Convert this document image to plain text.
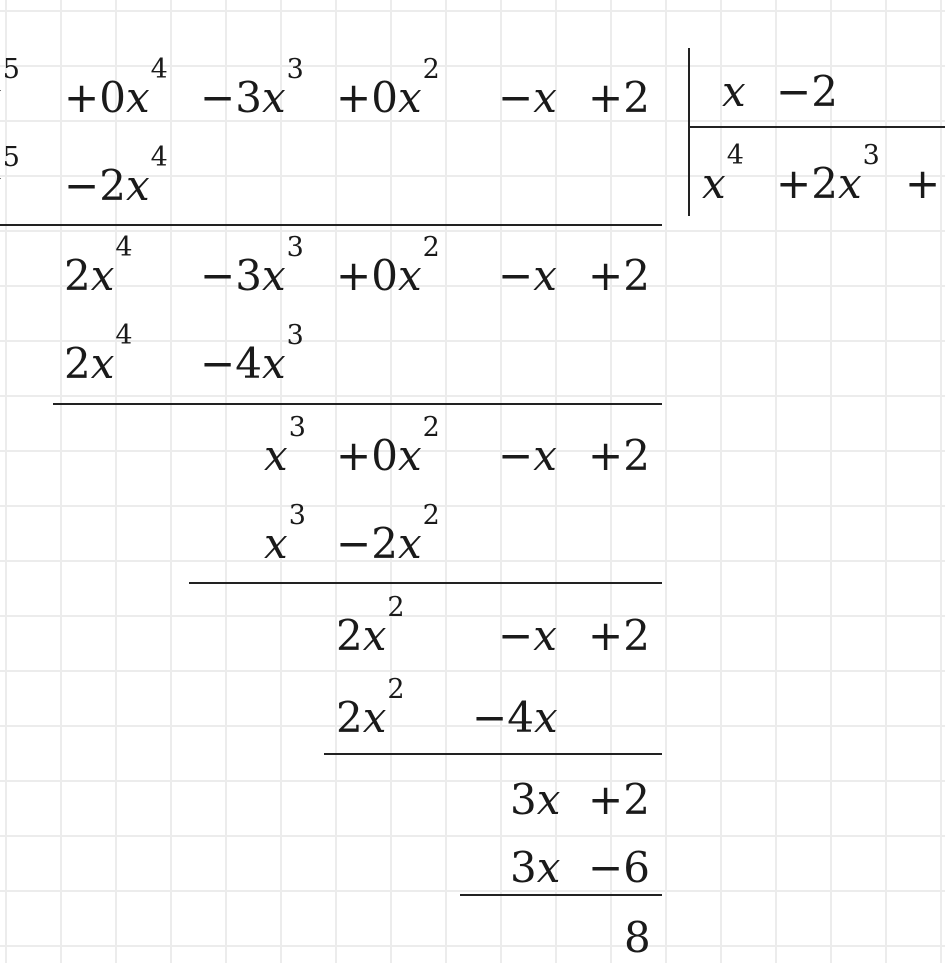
$^5$
$+0x^4$
$-3x^3$
$+0x^2$
−x +2 x −2
$x^4$
$+2x^3$
+
$^5$
$-2x^4$
$2x^4$
$-3x^3$
$+0x^2$
−x +2
$2x^4$
$-4x^3$
$x^3$
$+0x^2$
−x +2
$x^3$
$-2x^2$
$2x^2$
−x +2
$2x^2$
−4x
3x +2
3x −6
8
